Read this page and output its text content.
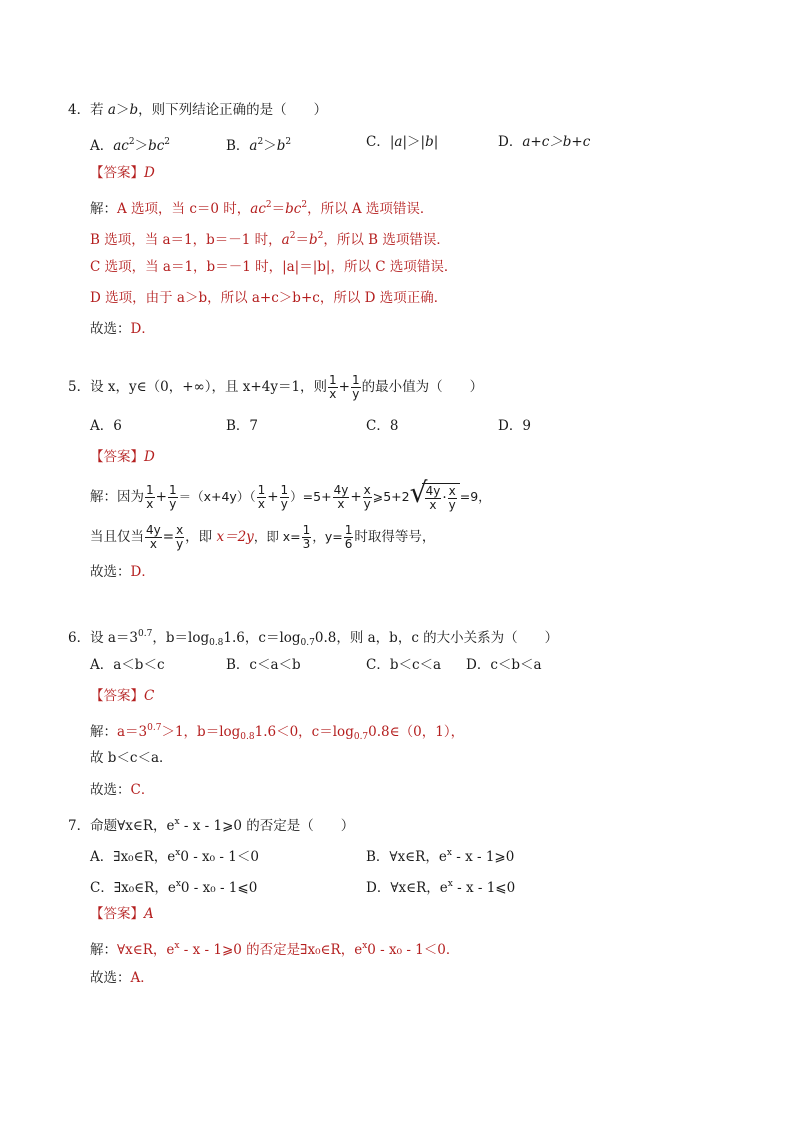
4．若 a＞b，则下列结论正确的是（　　）
A．$ac^2>bc^2$	B．$a^2>b^2$	C．|a|＞|b|	D．a+c＞b+c
【答案】D
解：A 选项，当 c＝0 时，$ac^2=bc^2$，所以 A 选项错误．
B 选项，当 a＝1，b＝－1 时，$a^2=b^2$，所以 B 选项错误．
C 选项，当 a＝1，b＝－1 时，|a|＝|b|，所以 C 选项错误．
D 选项，由于 a＞b，所以 a+c＞b+c，所以 D 选项正确．
故选：D．
5．设 x，y∈（0，+∞），且 x+4y＝1，则 $\frac{1}{x} + \frac{1}{y}$ 的最小值为（　　）
A．6	B．7	C．8	D．9
【答案】D
解：因为 $\frac{1}{x} + \frac{1}{y} =(x+4y)( \frac{1}{x} + \frac{1}{y} )=5+ \frac{4y}{x} + \frac{x}{y}$ ⩾5+2 √
$\frac{4y}{x} \cdot \frac{x}{y} =9$，
当且仅当 $\frac{4y}{x} = \frac{x}{y}$ ，即 x＝2y，即 $x= \frac{1}{3}$ ，$y= \frac{1}{6}$ 时取得等号，
故选：D．
6．设 $a=3^{0.7}$，$b=\log_{0.8}1.6$，$c=\log_{0.7}0.8$，则 a，b，c 的大小关系为（　　）
A．a＜b＜c	B．c＜a＜b	C．b＜c＜a D．c＜b＜a
【答案】C
解：$a=3^{0.7}>1$，$b=\log_{0.8}1.6<0$，$c=\log_{0.7}0.8\in(0$，1），
故 b＜c＜a．
故选：C．
7．命题∀x∈R，$e^x$ - x - 1⩾0 的否定是（　　）
A．∃x₀∈R，$e^x0 - x_0 - 1<0$	B．∀x∈R，$e^x$ - x - 1⩾0
C．∃x₀∈R，$e^x0 - x_0$ - 1⩽0	D．∀x∈R，$e^x$ - x - 1⩽0
【答案】A
解：∀x∈R，$e^x$ - x - 1⩾0 的否定是∃x₀∈R，$e^x0 - x_0 - 1<0$．
故选：A．
